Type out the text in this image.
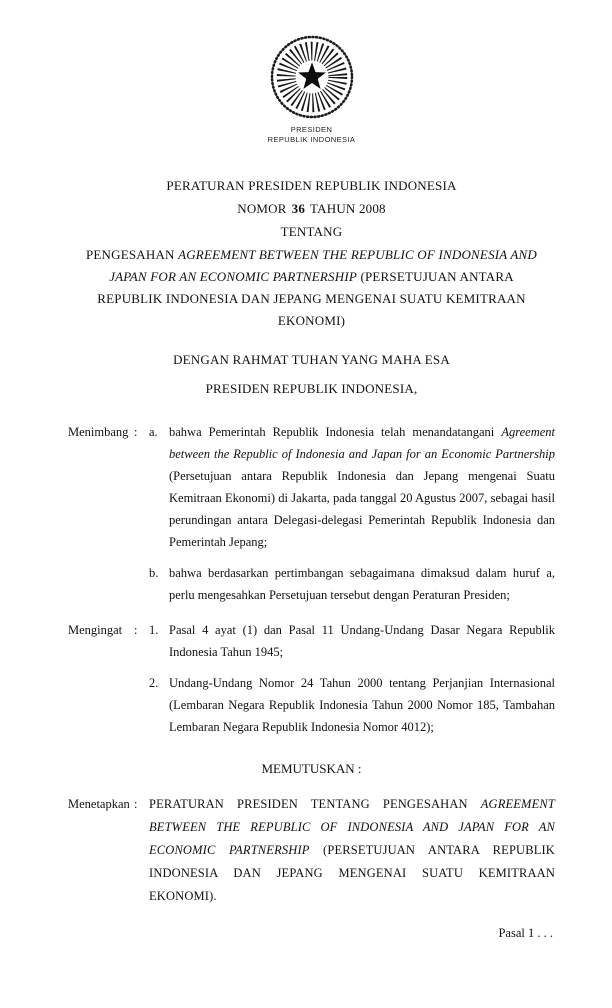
PRESIDEN
REPUBLIK INDONESIA
PERATURAN PRESIDEN REPUBLIK INDONESIA
NOMOR 36 TAHUN 2008
TENTANG

PENGESAHAN AGREEMENT BETWEEN THE REPUBLIC OF INDONESIA AND JAPAN FOR AN ECONOMIC PARTNERSHIP (PERSETUJUAN ANTARA REPUBLIK INDONESIA DAN JEPANG MENGENAI SUATU KEMITRAAN EKONOMI)

DENGAN RAHMAT TUHAN YANG MAHA ESA
PRESIDEN REPUBLIK INDONESIA,
Menimbang : a. bahwa Pemerintah Republik Indonesia telah menandatangani Agreement between the Republic of Indonesia and Japan for an Economic Partnership (Persetujuan antara Republik Indonesia dan Jepang mengenai Suatu Kemitraan Ekonomi) di Jakarta, pada tanggal 20 Agustus 2007, sebagai hasil perundingan antara Delegasi-delegasi Pemerintah Republik Indonesia dan Pemerintah Jepang;

b. bahwa berdasarkan pertimbangan sebagaimana dimaksud dalam huruf a, perlu mengesahkan Persetujuan tersebut dengan Peraturan Presiden;

Mengingat : 1. Pasal 4 ayat (1) dan Pasal 11 Undang-Undang Dasar Negara Republik Indonesia Tahun 1945;

2. Undang-Undang Nomor 24 Tahun 2000 tentang Perjanjian Internasional (Lembaran Negara Republik Indonesia Tahun 2000 Nomor 185, Tambahan Lembaran Negara Republik Indonesia Nomor 4012);

MEMUTUSKAN :
Menetapkan : PERATURAN PRESIDEN TENTANG PENGESAHAN AGREEMENT BETWEEN THE REPUBLIC OF INDONESIA AND JAPAN FOR AN ECONOMIC PARTNERSHIP (PERSETUJUAN ANTARA REPUBLIK INDONESIA DAN JEPANG MENGENAI SUATU KEMITRAAN EKONOMI).

Pasal 1 . . .
